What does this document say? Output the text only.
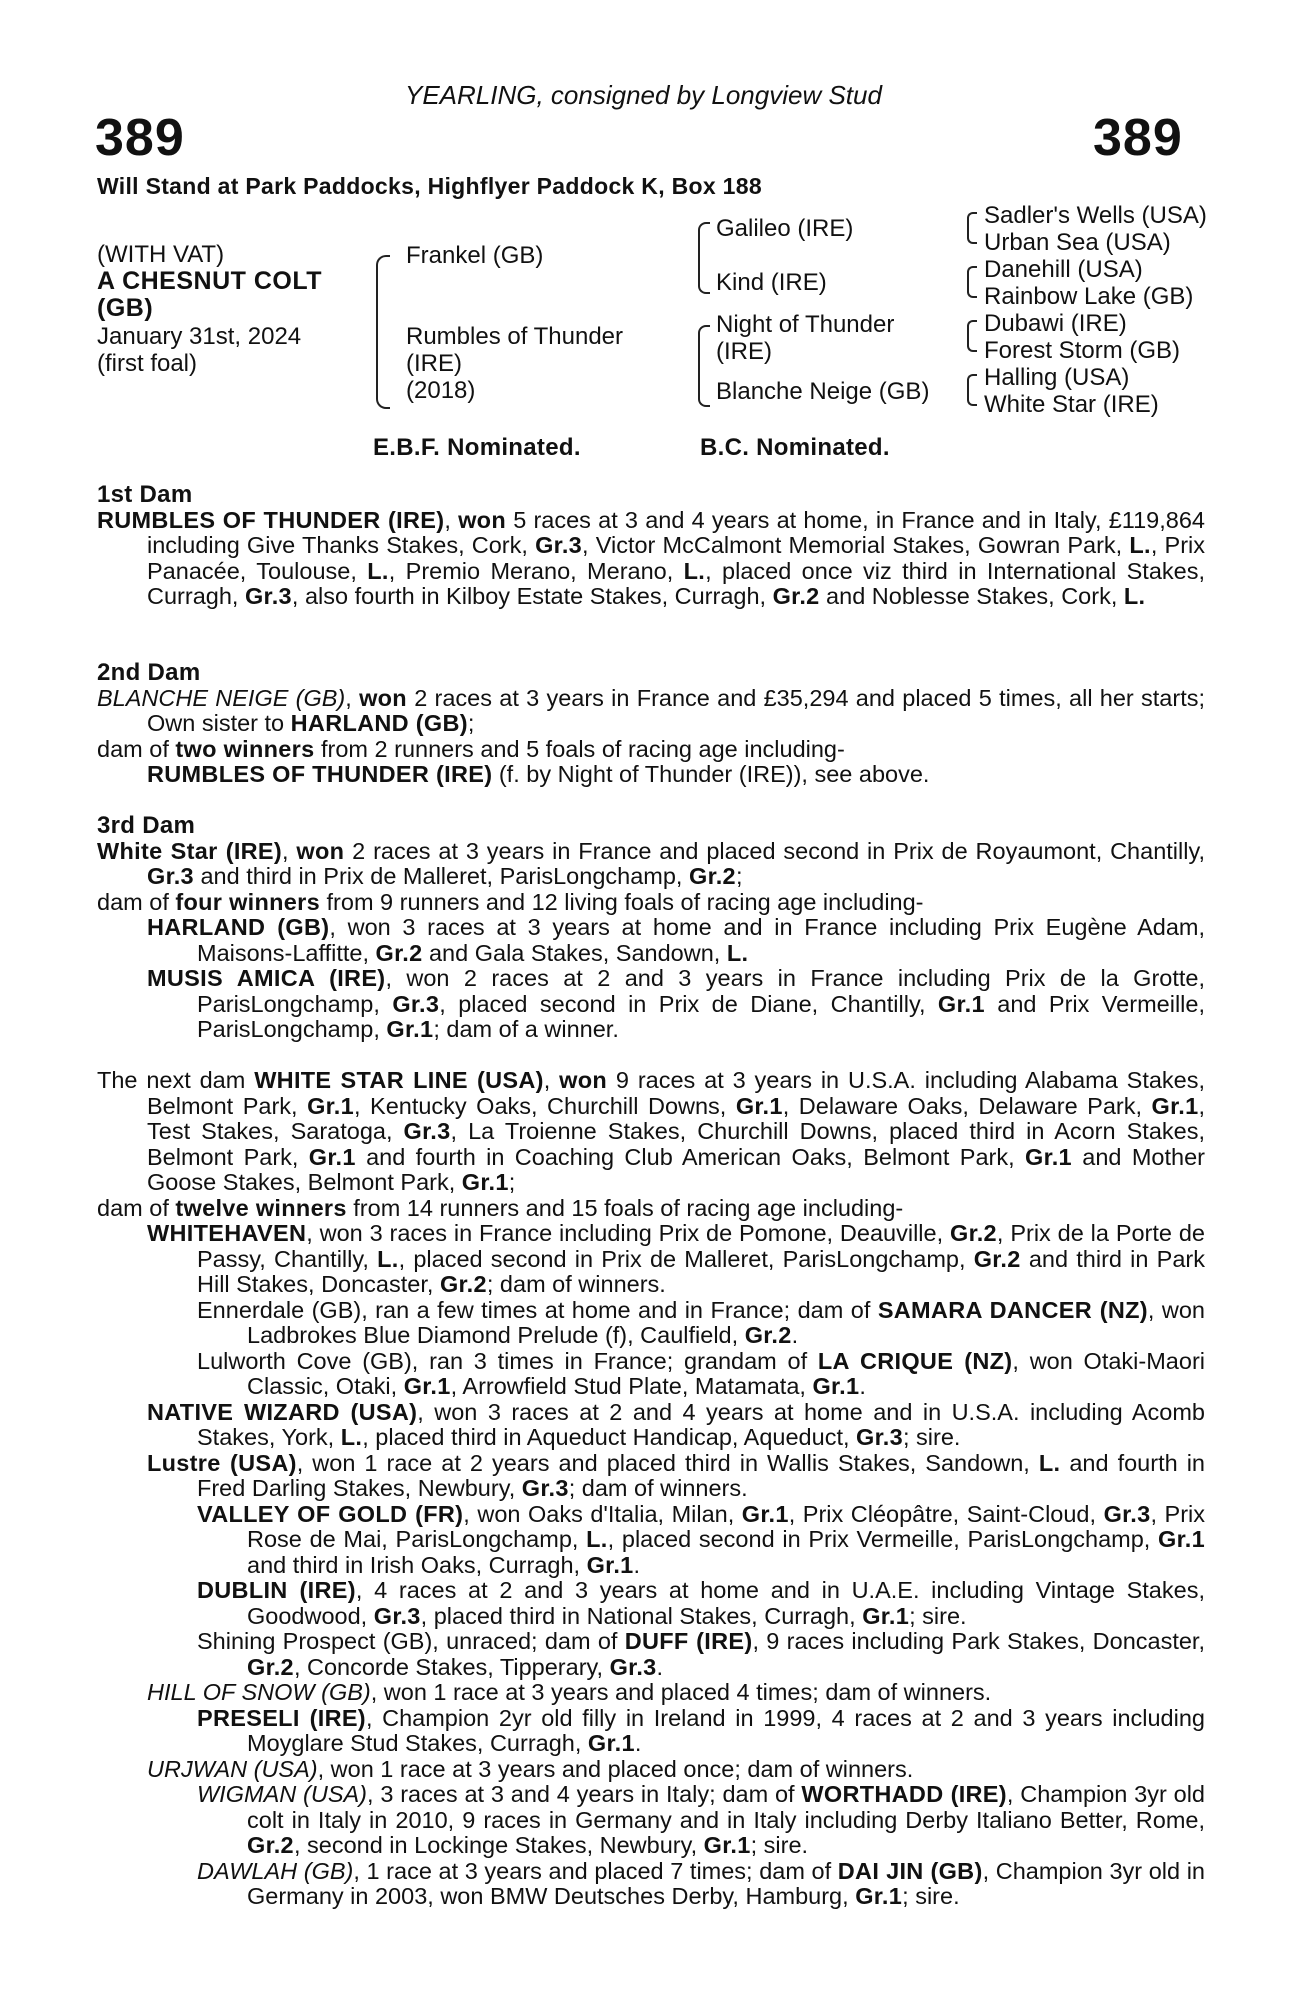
YEARLING, consigned by Longview Stud
389	389
Will Stand at Park Paddocks, Highflyer Paddock K, Box 188
(WITH VAT)
A CHESNUT COLT
(GB)
January 31st, 2024
(first foal)
Frankel (GB)
Rumbles of Thunder
(IRE)
(2018)
Galileo (IRE)
Kind (IRE)
Night of Thunder
(IRE)
Blanche Neige (GB)
Sadler's Wells (USA)
Urban Sea (USA)
Danehill (USA)
Rainbow Lake (GB)
Dubawi (IRE)
Forest Storm (GB)
Halling (USA)
White Star (IRE)
E.B.F. Nominated.	B.C. Nominated.

1st Dam

RUMBLES OF THUNDER (IRE), won 5 races at 3 and 4 years at home, in France and in Italy, £119,864 including Give Thanks Stakes, Cork, Gr.3, Victor McCalmont Memorial Stakes, Gowran Park, L., Prix Panacée, Toulouse, L., Premio Merano, Merano, L., placed once viz third in International Stakes, Curragh, Gr.3, also fourth in Kilboy Estate Stakes, Curragh, Gr.2 and Noblesse Stakes, Cork, L.

2nd Dam

BLANCHE NEIGE (GB), won 2 races at 3 years in France and £35,294 and placed 5 times, all her starts; Own sister to HARLAND (GB);

dam of two winners from 2 runners and 5 foals of racing age including-

RUMBLES OF THUNDER (IRE) (f. by Night of Thunder (IRE)), see above.

3rd Dam

White Star (IRE), won 2 races at 3 years in France and placed second in Prix de Royaumont, Chantilly, Gr.3 and third in Prix de Malleret, ParisLongchamp, Gr.2;

dam of four winners from 9 runners and 12 living foals of racing age including-

HARLAND (GB), won 3 races at 3 years at home and in France including Prix Eugène Adam, Maisons-Laffitte, Gr.2 and Gala Stakes, Sandown, L.

MUSIS AMICA (IRE), won 2 races at 2 and 3 years in France including Prix de la Grotte, ParisLongchamp, Gr.3, placed second in Prix de Diane, Chantilly, Gr.1 and Prix Vermeille, ParisLongchamp, Gr.1; dam of a winner.

The next dam WHITE STAR LINE (USA), won 9 races at 3 years in U.S.A. including Alabama Stakes, Belmont Park, Gr.1, Kentucky Oaks, Churchill Downs, Gr.1, Delaware Oaks, Delaware Park, Gr.1, Test Stakes, Saratoga, Gr.3, La Troienne Stakes, Churchill Downs, placed third in Acorn Stakes, Belmont Park, Gr.1 and fourth in Coaching Club American Oaks, Belmont Park, Gr.1 and Mother Goose Stakes, Belmont Park, Gr.1;

dam of twelve winners from 14 runners and 15 foals of racing age including-

WHITEHAVEN, won 3 races in France including Prix de Pomone, Deauville, Gr.2, Prix de la Porte de Passy, Chantilly, L., placed second in Prix de Malleret, ParisLongchamp, Gr.2 and third in Park Hill Stakes, Doncaster, Gr.2; dam of winners.

Ennerdale (GB), ran a few times at home and in France; dam of SAMARA DANCER (NZ), won Ladbrokes Blue Diamond Prelude (f), Caulfield, Gr.2.

Lulworth Cove (GB), ran 3 times in France; grandam of LA CRIQUE (NZ), won Otaki-Maori Classic, Otaki, Gr.1, Arrowfield Stud Plate, Matamata, Gr.1.

NATIVE WIZARD (USA), won 3 races at 2 and 4 years at home and in U.S.A. including Acomb Stakes, York, L., placed third in Aqueduct Handicap, Aqueduct, Gr.3; sire.

Lustre (USA), won 1 race at 2 years and placed third in Wallis Stakes, Sandown, L. and fourth in Fred Darling Stakes, Newbury, Gr.3; dam of winners.

VALLEY OF GOLD (FR), won Oaks d'Italia, Milan, Gr.1, Prix Cléopâtre, Saint-Cloud, Gr.3, Prix Rose de Mai, ParisLongchamp, L., placed second in Prix Vermeille, ParisLongchamp, Gr.1 and third in Irish Oaks, Curragh, Gr.1.

DUBLIN (IRE), 4 races at 2 and 3 years at home and in U.A.E. including Vintage Stakes, Goodwood, Gr.3, placed third in National Stakes, Curragh, Gr.1; sire.

Shining Prospect (GB), unraced; dam of DUFF (IRE), 9 races including Park Stakes, Doncaster, Gr.2, Concorde Stakes, Tipperary, Gr.3.

HILL OF SNOW (GB), won 1 race at 3 years and placed 4 times; dam of winners.

PRESELI (IRE), Champion 2yr old filly in Ireland in 1999, 4 races at 2 and 3 years including Moyglare Stud Stakes, Curragh, Gr.1.

URJWAN (USA), won 1 race at 3 years and placed once; dam of winners.

WIGMAN (USA), 3 races at 3 and 4 years in Italy; dam of WORTHADD (IRE), Champion 3yr old colt in Italy in 2010, 9 races in Germany and in Italy including Derby Italiano Better, Rome, Gr.2, second in Lockinge Stakes, Newbury, Gr.1; sire.

DAWLAH (GB), 1 race at 3 years and placed 7 times; dam of DAI JIN (GB), Champion 3yr old in Germany in 2003, won BMW Deutsches Derby, Hamburg, Gr.1; sire.
